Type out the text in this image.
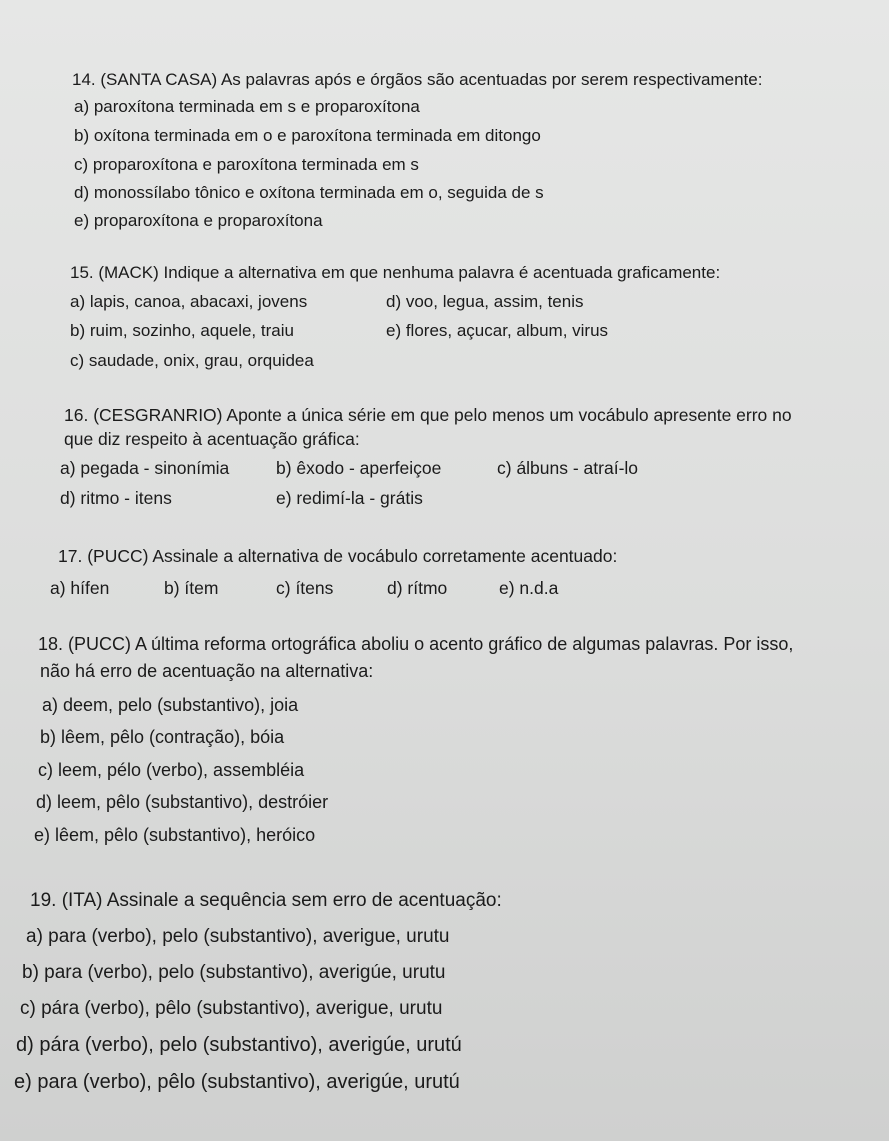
14. (SANTA CASA) As palavras após e órgãos são acentuadas por serem respectivamente:

a) paroxítona terminada em s e proparoxítona

b) oxítona terminada em o e paroxítona terminada em ditongo

c) proparoxítona e paroxítona terminada em s

d) monossílabo tônico e oxítona terminada em o, seguida de s

e) proparoxítona e proparoxítona

15. (MACK) Indique a alternativa em que nenhuma palavra é acentuada graficamente:

a) lapis, canoa, abacaxi, jovens	d) voo, legua, assim, tenis

b) ruim, sozinho, aquele, traiu	e) flores, açucar, album, virus

c) saudade, onix, grau, orquidea

16. (CESGRANRIO) Aponte a única série em que pelo menos um vocábulo apresente erro no

que diz respeito à acentuação gráfica:

a) pegada - sinonímia	b) êxodo - aperfeiçoe	c) álbuns - atraí-lo

d) ritmo - itens	e) redimí-la - grátis

17. (PUCC) Assinale a alternativa de vocábulo corretamente acentuado:

a) hífen	b) ítem	c) ítens	d) rítmo	e) n.d.a

18. (PUCC) A última reforma ortográfica aboliu o acento gráfico de algumas palavras. Por isso,

não há erro de acentuação na alternativa:

a) deem, pelo (substantivo), joia

b) lêem, pêlo (contração), bóia

c) leem, pélo (verbo), assembléia

d) leem, pêlo (substantivo), destróier

e) lêem, pêlo (substantivo), heróico

19. (ITA) Assinale a sequência sem erro de acentuação:

a) para (verbo), pelo (substantivo), averigue, urutu

b) para (verbo), pelo (substantivo), averigúe, urutu

c) pára (verbo), pêlo (substantivo), averigue, urutu

d) pára (verbo), pelo (substantivo), averigúe, urutú

e) para (verbo), pêlo (substantivo), averigúe, urutú
